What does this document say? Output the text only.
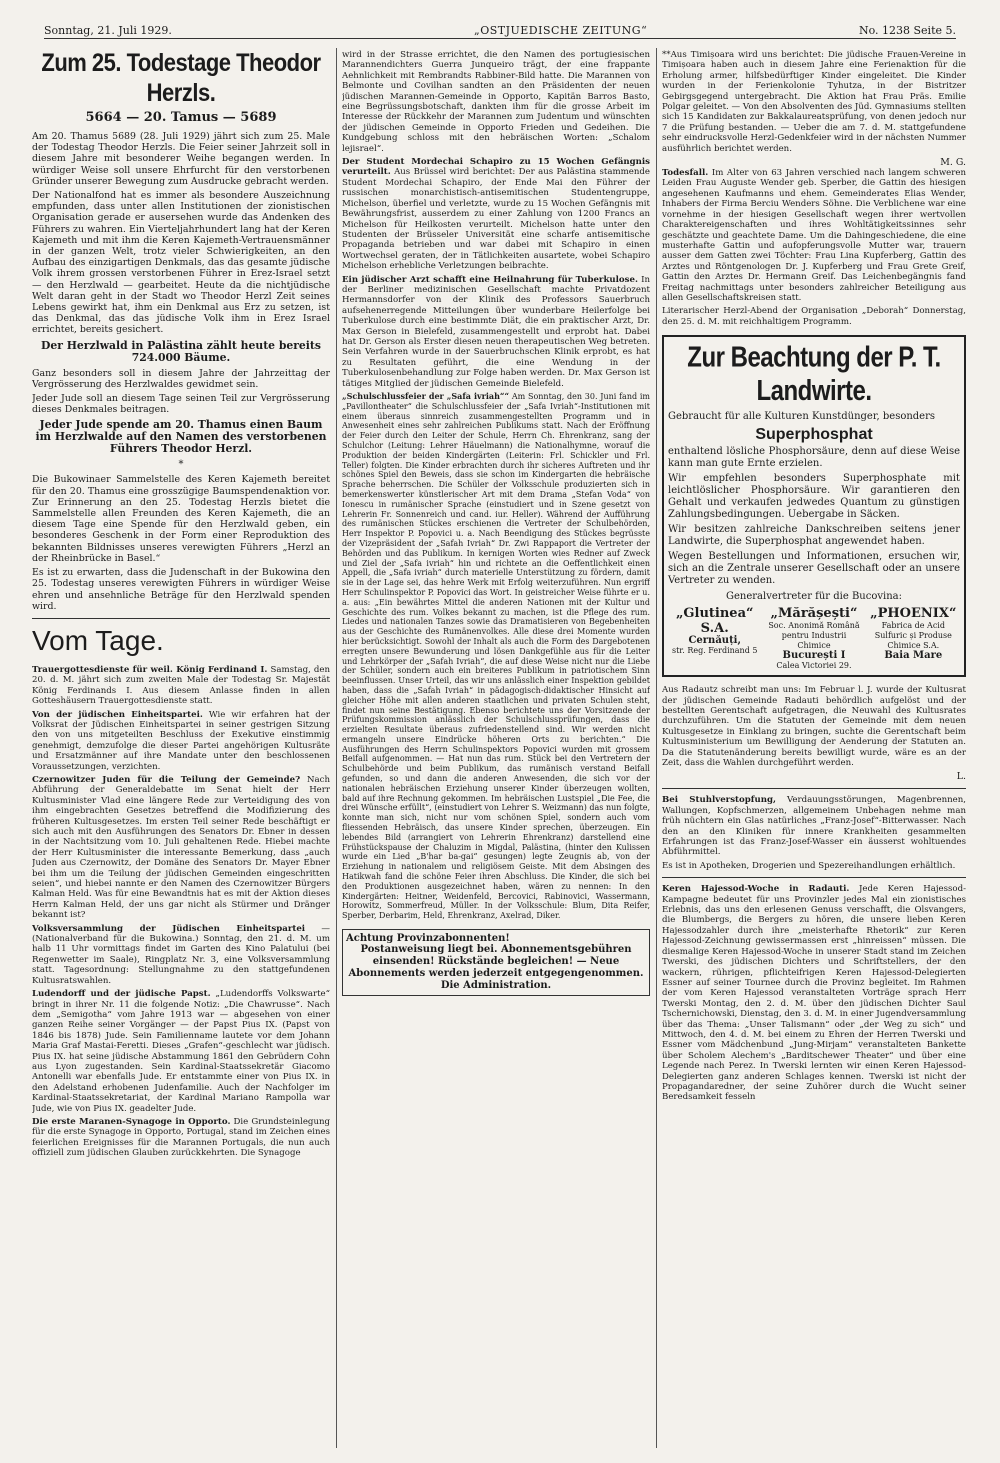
Sonntag, 21. Juli 1929.	„OSTJUEDISCHE ZEITUNG“	No. 1238 Seite 5.
Zum 25. Todestage Theodor Herzls.
5664 — 20. Tamus — 5689

Am 20. Thamus 5689 (28. Juli 1929) jährt sich zum 25. Male der Todestag Theodor Herzls. Die Feier seiner Jahrzeit soll in diesem Jahre mit besonderer Weihe begangen werden. In würdiger Weise soll unsere Ehrfurcht für den verstorbenen Gründer unserer Bewegung zum Ausdrucke gebracht werden.

Der Nationalfond hat es immer als besondere Auszeichnung empfunden, dass unter allen Institutionen der zionistischen Organisation gerade er ausersehen wurde das Andenken des Führers zu wahren. Ein Vierteljahrhundert lang hat der Keren Kajemeth und mit ihm die Keren Kajemeth-Vertrauensmänner in der ganzen Welt, trotz vieler Schwierigkeiten, an den Aufbau des einzigartigen Denkmals, das das gesamte jüdische Volk ihrem grossen verstorbenen Führer in Erez-Israel setzt — den Herzlwald — gearbeitet. Heute da die nichtjüdische Welt daran geht in der Stadt wo Theodor Herzl Zeit seines Lebens gewirkt hat, ihm ein Denkmal aus Erz zu setzen, ist das Denkmal, das das jüdische Volk ihm in Erez Israel errichtet, bereits gesichert.

Der Herzlwald in Palästina zählt heute bereits 724.000 Bäume.

Ganz besonders soll in diesem Jahre der Jahrzeittag der Vergrösserung des Herzlwaldes gewidmet sein.

Jeder Jude soll an diesem Tage seinen Teil zur Vergrösserung dieses Denkmales beitragen.

Jeder Jude spende am 20. Thamus einen Baum im Herzlwalde auf den Namen des verstorbenen Führers Theodor Herzl.
*

Die Bukowinaer Sammelstelle des Keren Kajemeth bereitet für den 20. Thamus eine grosszügige Baumspendenaktion vor. Zur Erinnerung an den 25. Todestag Herzls bietet die Sammelstelle allen Freunden des Keren Kajemeth, die an diesem Tage eine Spende für den Herzlwald geben, ein besonderes Geschenk in der Form einer Reproduktion des bekannten Bildnisses unseres verewigten Führers „Herzl an der Rheinbrücke in Basel.“

Es ist zu erwarten, dass die Judenschaft in der Bukowina den 25. Todestag unseres verewigten Führers in würdiger Weise ehren und ansehnliche Beträge für den Herzlwald spenden wird.

Vom Tage.

Trauergottesdienste für weil. König Ferdinand I. Samstag, den 20. d. M. jährt sich zum zweiten Male der Todestag Sr. Majestät König Ferdinands I. Aus diesem Anlasse finden in allen Gotteshäusern Trauergottesdienste statt.

Von der jüdischen Einheitspartei. Wie wir erfahren hat der Volksrat der Jüdischen Einheitspartei in seiner gestrigen Sitzung den von uns mitgeteilten Beschluss der Exekutive einstimmig genehmigt, demzufolge die dieser Partei angehörigen Kultusräte und Ersatzmänner auf ihre Mandate unter den beschlossenen Voraussetzungen, verzichten.

Czernowitzer Juden für die Teilung der Gemeinde? Nach Abführung der Generaldebatte im Senat hielt der Herr Kultusminister Vlad eine längere Rede zur Verteidigung des von ihm eingebrachten Gesetzes betreffend die Modifizierung des früheren Kultusgesetzes. Im ersten Teil seiner Rede beschäftigt er sich auch mit den Ausführungen des Senators Dr. Ebner in dessen in der Nachtsitzung vom 10. Juli gehaltenen Rede. Hiebei machte der Herr Kultusminister die interessante Bemerkung, dass „auch Juden aus Czernowitz, der Domäne des Senators Dr. Mayer Ebner bei ihm um die Teilung der jüdischen Gemeinden eingeschritten seien“, und hiebei nannte er den Namen des Czernowitzer Bürgers Kalman Held. Was für eine Bewandtnis hat es mit der Aktion dieses Herrn Kalman Held, der uns gar nicht als Stürmer und Dränger bekannt ist?

Volksversammlung der Jüdischen Einheitspartei — (Nationalverband für die Bukowina.) Sonntag, den 21. d. M. um halb 11 Uhr vormittags findet im Garten des Kino Palatului (bei Regenwetter im Saale), Ringplatz Nr. 3, eine Volksversammlung statt. Tagesordnung: Stellungnahme zu den stattgefundenen Kultusratswahlen.

Ludendorff und der jüdische Papst. „Ludendorffs Volkswarte“ bringt in ihrer Nr. 11 die folgende Notiz: „Die Chawrusse“. Nach dem „Semigotha“ vom Jahre 1913 war — abgesehen von einer ganzen Reihe seiner Vorgänger — der Papst Pius IX. (Papst von 1846 bis 1878) Jude. Sein Familienname lautete vor dem Johann Maria Graf Mastai-Feretti. Dieses „Grafen“-geschlecht war jüdisch. Pius IX. hat seine jüdische Abstammung 1861 den Gebrüdern Cohn aus Lyon zugestanden. Sein Kardinal-Staatssekretär Giacomo Antonelli war ebenfalls Jude. Er entstammte einer von Pius IX. in den Adelstand erhobenen Judenfamilie. Auch der Nachfolger im Kardinal-Staatssekretariat, der Kardinal Mariano Rampolla war Jude, wie von Pius IX. geadelter Jude.

Die erste Maranen-Synagoge in Opporto. Die Grundsteinlegung für die erste Synagoge in Opporto, Portugal, stand im Zeichen eines feierlichen Ereignisses für die Marannen Portugals, die nun auch offiziell zum jüdischen Glauben zurückkehrten. Die Synagoge

wird in der Strasse errichtet, die den Namen des portugiesischen Marannendichters Guerra Junqueiro trägt, der eine frappante Aehnlichkeit mit Rembrandts Rabbiner-Bild hatte. Die Marannen von Belmonte und Covilhan sandten an den Präsidenten der neuen jüdischen Marannen-Gemeinde in Opporto, Kapitän Barros Basto, eine Begrüssungsbotschaft, dankten ihm für die grosse Arbeit im Interesse der Rückkehr der Marannen zum Judentum und wünschten der jüdischen Gemeinde in Opporto Frieden und Gedeihen. Die Kundgebung schloss mit den hebräischen Worten: „Schalom lejisrael“.

Der Student Mordechai Schapiro zu 15 Wochen Gefängnis verurteilt. Aus Brüssel wird berichtet: Der aus Palästina stammende Student Mordechai Schapiro, der Ende Mai den Führer der russischen monarchistisch-antisemitischen Studentengruppe, Michelson, überfiel und verletzte, wurde zu 15 Wochen Gefängnis mit Bewährungsfrist, ausserdem zu einer Zahlung von 1200 Francs an Michelson für Heilkosten verurteilt. Michelson hatte unter den Studenten der Brüsseler Universität eine scharfe antisemitische Propaganda betrieben und war dabei mit Schapiro in einen Wortwechsel geraten, der in Tätlichkeiten ausartete, wobei Schapiro Michelson erhebliche Verletzungen beibrachte.

Ein jüdischer Arzt schafft eine Heilnahrung für Tuberkulose. In der Berliner medizinischen Gesellschaft machte Privatdozent Hermannsdorfer von der Klinik des Professors Sauerbruch aufsehenerregende Mitteilungen über wunderbare Heilerfolge bei Tuberkulose durch eine bestimmte Diät, die ein praktischer Arzt, Dr. Max Gerson in Bielefeld, zusammengestellt und erprobt hat. Dabei hat Dr. Gerson als Erster diesen neuen therapeutischen Weg betreten. Sein Verfahren wurde in der Sauerbruchschen Klinik erprobt, es hat zu Resultaten geführt, die eine Wendung in der Tuberkulosenbehandlung zur Folge haben werden. Dr. Max Gerson ist tätiges Mitglied der jüdischen Gemeinde Bielefeld.

„Schulschlussfeier der „Safa ivriah““ Am Sonntag, den 30. Juni fand im „Pavillontheater“ die Schulschlussfeier der „Safa Ivriah“-Institutionen mit einem überaus sinnreich zusammengestellten Programm und in Anwesenheit eines sehr zahlreichen Publikums statt. Nach der Eröffnung der Feier durch den Leiter der Schule, Herrn Ch. Ehrenkranz, sang der Schulchor (Leitung: Lehrer Häuelmann) die Nationalhymne, worauf die Produktion der beiden Kindergärten (Leiterin: Frl. Schickler und Frl. Teller) folgten. Die Kinder erbrachten durch ihr sicheres Auftreten und ihr schönes Spiel den Beweis, dass sie schon im Kindergarten die hebräische Sprache beherrschen. Die Schüler der Volksschule produzierten sich in bemerkenswerter künstlerischer Art mit dem Drama „Stefan Voda“ von Ionescu in rumänischer Sprache (einstudiert und in Szene gesetzt von Lehrerin Fr. Sonnenreich und cand. iur. Heller). Während der Aufführung des rumänischen Stückes erschienen die Vertreter der Schulbehörden, Herr Inspektor P. Popovici u. a. Nach Beendigung des Stückes begrüsste der Vizepräsident der „Safah Ivriah“ Dr. Zwi Rappaport die Vertreter der Behörden und das Publikum. In kernigen Worten wies Redner auf Zweck und Ziel der „Safa ivriah“ hin und richtete an die Oeffentlichkeit einen Appell, die „Safa ivriah“ durch materielle Unterstützung zu fördern, damit sie in der Lage sei, das hehre Werk mit Erfolg weiterzuführen. Nun ergriff Herr Schulinspektor P. Popovici das Wort. In geistreicher Weise führte er u. a. aus: „Ein bewährtes Mittel die anderen Nationen mit der Kultur und Geschichte des rum. Volkes bekannt zu machen, ist die Pflege des rum. Liedes und nationalen Tanzes sowie das Dramatisieren von Begebenheiten aus der Geschichte des Rumänenvolkes. Alle diese drei Momente wurden hier berücksichtigt. Sowohl der Inhalt als auch die Form des Dargebotenen erregten unsere Bewunderung und lösen Dankgefühle aus für die Leiter und Lehrkörper der „Safah Ivriah“, die auf diese Weise nicht nur die Liebe der Schüler, sondern auch ein breiteres Publikum in patriotischem Sinn beeinflussen. Unser Urteil, das wir uns anlässlich einer Inspektion gebildet haben, dass die „Safah Ivriah“ in pädagogisch-didaktischer Hinsicht auf gleicher Höhe mit allen anderen staatlichen und privaten Schulen steht, findet nun seine Bestätigung. Ebenso berichtete uns der Vorsitzende der Prüfungskommission anlässlich der Schulschlussprüfungen, dass die erzielten Resultate überaus zufriedenstellend sind. Wir werden nicht ermangeln unsere Eindrücke höheren Orts zu berichten.“ Die Ausführungen des Herrn Schulinspektors Popovici wurden mit grossem Beifall aufgenommen. — Hat nun das rum. Stück bei den Vertretern der Schulbehörde und beim Publikum, das rumänisch verstand Beifall gefunden, so und dann die anderen Anwesenden, die sich vor der nationalen hebräischen Erziehung unserer Kinder überzeugen wollten, bald auf ihre Rechnung gekommen. Im hebräischen Lustspiel „Die Fee, die drei Wünsche erfüllt“, (einstudiert von Lehrer S. Weizmann) das nun folgte, konnte man sich, nicht nur vom schönen Spiel, sondern auch vom fliessenden Hebräisch, das unsere Kinder sprechen, überzeugen. Ein lebendes Bild (arrangiert von Lehrerin Ehrenkranz) darstellend eine Frühstückspause der Chaluzim in Migdal, Palästina, (hinter den Kulissen wurde ein Lied „B'har ba-gai“ gesungen) legte Zeugnis ab, von der Erziehung in nationalem und religiösem Geiste. Mit dem Absingen des Hatikwah fand die schöne Feier ihren Abschluss. Die Kinder, die sich bei den Produktionen ausgezeichnet haben, wären zu nennen: In den Kindergärten: Heitner, Weidenfeld, Bercovici, Rabinovici, Wassermann, Horowitz, Sommerfreud, Müller. In der Volksschule: Blum, Dita Reifer, Sperber, Derbarim, Held, Ehrenkranz, Axelrad, Diker.

Achtung Provinzabonnenten!
Postanweisung liegt bei. Abonnementsgebühren einsenden! Rückstände begleichen! — Neue Abonnements werden jederzeit entgegengenommen. Die Administration.

**Aus Timișoara wird uns berichtet: Die jüdische Frauen-Vereine in Timișoara haben auch in diesem Jahre eine Ferienaktion für die Erholung armer, hilfsbedürftiger Kinder eingeleitet. Die Kinder wurden in der Ferienkolonie Tyhutza, in der Bistritzer Gebirgsgegend untergebracht. Die Aktion hat Frau Präs. Emilie Polgar geleitet. — Von den Absolventen des Jüd. Gymnasiums stellten sich 15 Kandidaten zur Bakkalaureatsprüfung, von denen jedoch nur 7 die Prüfung bestanden. — Ueber die am 7. d. M. stattgefundene sehr eindrucksvolle Herzl-Gedenkfeier wird in der nächsten Nummer ausführlich berichtet werden.

M. G.

Todesfall. Im Alter von 63 Jahren verschied nach langem schweren Leiden Frau Auguste Wender geb. Sperber, die Gattin des hiesigen angesehenen Kaufmanns und ehem. Gemeinderates Elias Wender, Inhabers der Firma Berciu Wenders Söhne. Die Verblichene war eine vornehme in der hiesigen Gesellschaft wegen ihrer wertvollen Charaktereigenschaften und ihres Wohltätigkeitssinnes sehr geschätzte und geachtete Dame. Um die Dahingeschiedene, die eine musterhafte Gattin und aufopferungsvolle Mutter war, trauern ausser dem Gatten zwei Töchter: Frau Lina Kupferberg, Gattin des Arztes und Röntgenologen Dr. J. Kupferberg und Frau Grete Greif, Gattin den Arztes Dr. Hermann Greif. Das Leichenbegängnis fand Freitag nachmittags unter besonders zahlreicher Beteiligung aus allen Gesellschaftskreisen statt.

Literarischer Herzl-Abend der Organisation „Deborah“ Donnerstag, den 25. d. M. mit reichhaltigem Programm.

Zur Beachtung der P. T. Landwirte.
Gebraucht für alle Kulturen Kunstdünger, besonders
Superphosphat
enthaltend lösliche Phosphorsäure, denn auf diese Weise kann man gute Ernte erzielen.
Wir empfehlen besonders Superphosphate mit leichtlöslicher Phosphorsäure. Wir garantieren den Gehalt und verkaufen jedwedes Quantum zu günstigen Zahlungsbedingungen. Uebergabe in Säcken.
Wir besitzen zahlreiche Dankschreiben seitens jener Landwirte, die Superphosphat angewendet haben.
Wegen Bestellungen und Informationen, ersuchen wir, sich an die Zentrale unserer Gesellschaft oder an unsere Vertreter zu wenden.
Generalvertreter für die Bucovina:
„Glutinea“ S.A.
Cernăuți,
str. Reg. Ferdinand 5
„Mărășești“
Soc. Anonimă Română pentru Industrii Chimice
București I
Calea Victoriei 29.
„PHOENIX“
Fabrica de Acid Sulfuric și Produse Chimice S.A.
Baia Mare

Aus Radautz schreibt man uns: Im Februar l. J. wurde der Kultusrat der jüdischen Gemeinde Radauti behördlich aufgelöst und der bestellten Gerentschaft aufgetragen, die Neuwahl des Kultusrates durchzuführen. Um die Statuten der Gemeinde mit dem neuen Kultusgesetze in Einklang zu bringen, suchte die Gerentschaft beim Kultusministerium um Bewilligung der Aenderung der Statuten an. Da die Statutenänderung bereits bewilligt wurde, wäre es an der Zeit, dass die Wahlen durchgeführt werden.

L.

Bei Stuhlverstopfung, Verdauungsstörungen, Magenbrennen, Wallungen, Kopfschmerzen, allgemeinem Unbehagen nehme man früh nüchtern ein Glas natürliches „Franz-Josef“-Bitterwasser. Nach den an den Kliniken für innere Krankheiten gesammelten Erfahrungen ist das Franz-Josef-Wasser ein äusserst wohltuendes Abführmittel.

Es ist in Apotheken, Drogerien und Spezereihandlungen erhältlich.

Keren Hajessod-Woche in Radauti. Jede Keren Hajessod-Kampagne bedeutet für uns Provinzler jedes Mal ein zionistisches Erlebnis, das uns den erlesenen Genuss verschafft, die Olsvangers, die Blumbergs, die Bergers zu hören, die unsere lieben Keren Hajessodzahler durch ihre „meisterhafte Rhetorik“ zur Keren Hajessod-Zeichnung gewissermassen erst „hinreissen“ müssen. Die diesmalige Keren Hajessod-Woche in unserer Stadt stand im Zeichen Twerski, des jüdischen Dichters und Schriftstellers, der den wackern, rührigen, pflichteifrigen Keren Hajessod-Delegierten Essner auf seiner Tournee durch die Provinz begleitet. Im Rahmen der vom Keren Hajessod veranstalteten Vorträge sprach Herr Twerski Montag, den 2. d. M. über den jüdischen Dichter Saul Tschernichowski, Dienstag, den 3. d. M. in einer Jugendversammlung über das Thema: „Unser Talismann“ oder „der Weg zu sich“ und Mittwoch, den 4. d. M. bei einem zu Ehren der Herren Twerski und Essner vom Mädchenbund „Jung-Mirjam“ veranstalteten Bankette über Scholem Alechem's „Barditschewer Theater“ und über eine Legende nach Perez. In Twerski lernten wir einen Keren Hajessod-Delegierten ganz anderen Schlages kennen. Twerski ist nicht der Propagandaredner, der seine Zuhörer durch die Wucht seiner Beredsamkeit fesseln
